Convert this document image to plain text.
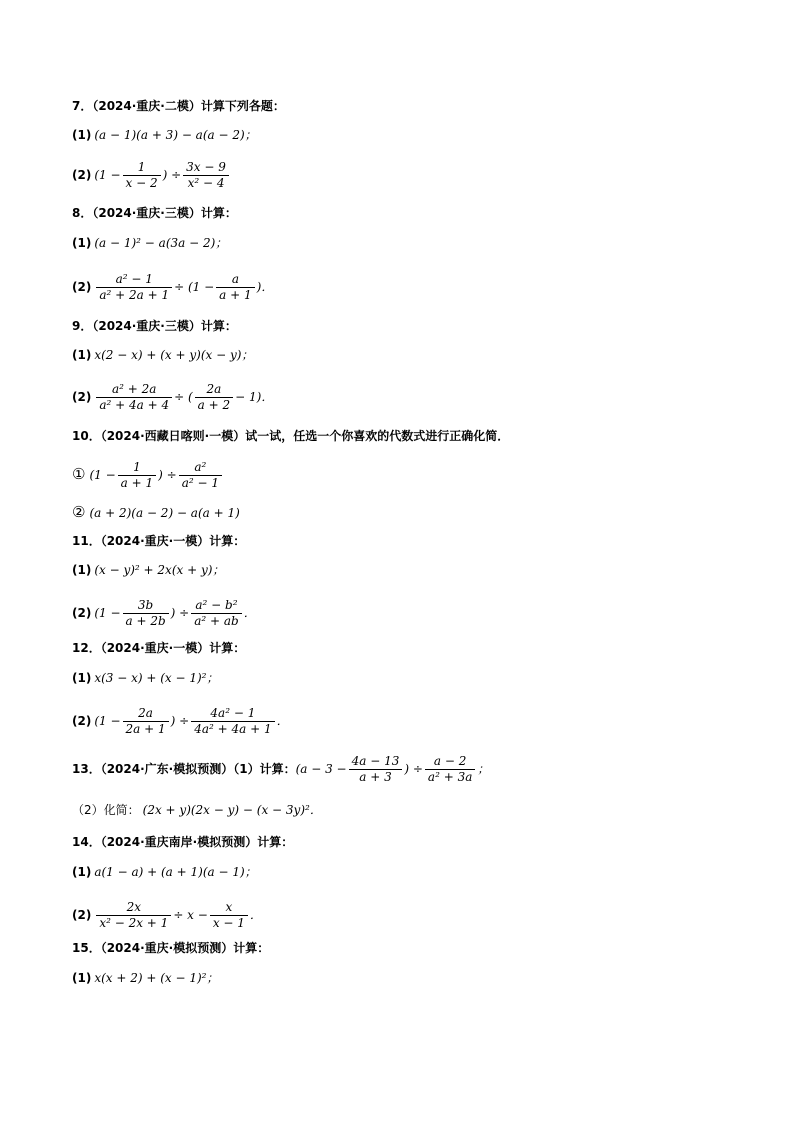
7．（2024·重庆·二模）计算下列各题：
(1) (a − 1)(a + 3) − a(a − 2)；
(2) ($1 - \frac{1}{x - 2}$ ) ÷ $\frac{3x - 9}{\text{x² − 4}}$
8．（2024·重庆·三模）计算：
(1) (a − 1)² − a(3a − 2)；
$(2) \frac{\text{a² − 1}}{\text{a² + 2a + 1}} \div (1 - \frac{a}{a + 1}$ )．
9．（2024·重庆·三模）计算：
(1) x(2 − x) + (x + y)(x − y)；
$(2) \frac{\text{a² + 2a}}{\text{a² + 4a + 4}}$ ÷ ( $\frac{2a}{a + 2} - 1$)．
10．（2024·西藏日喀则·一模）试一试，任选一个你喜欢的代数式进行正确化简．
① ($1 - \frac{1}{a + 1}$ ) ÷ $\frac{\text{a²}}{\text{a² − 1}}$
② (a + 2)(a − 2) − a(a + 1)
11．（2024·重庆·一模）计算：
(1) (x − y)² + 2x(x + y)；
(2) ($1 - \frac{3b}{a + 2b}$ ) ÷ $\frac{\text{a² − b²}}{\text{a² + ab}}$ ．
12．（2024·重庆·一模）计算：
(1) x(3 − x) + (x − 1)²；
(2) ($1 - \frac{2a}{2a + 1}$ ) ÷ $\frac{\text{4a² − 1}}{\text{4a² + 4a + 1}}$ ．
13．（2024·广东·模拟预测）（1）计算：($a - 3 - \frac{4a - 13}{a + 3}$ ) ÷ $\frac{a - 2}{\text{a² + 3a}}$ ；
（2）化简： (2x + y)(2x − y) − (x − 3y)²．
14．（2024·重庆南岸·模拟预测）计算：
(1) a(1 − a) + (a + 1)(a − 1)；
$(2) \frac{2x}{\text{x² − 2x + 1}} \div x - \frac{x}{x - 1}$ ．
15．（2024·重庆·模拟预测）计算：
(1) x(x + 2) + (x − 1)²；
